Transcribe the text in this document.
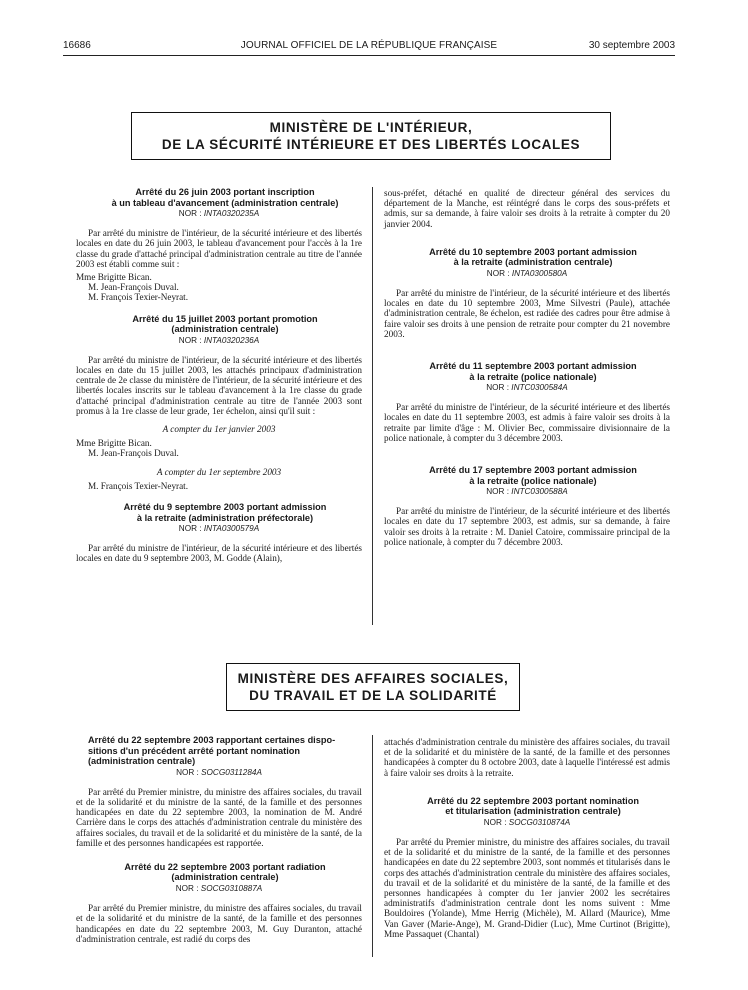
16686	JOURNAL OFFICIEL DE LA RÉPUBLIQUE FRANÇAISE	30 septembre 2003
MINISTÈRE DE L'INTÉRIEUR,
DE LA SÉCURITÉ INTÉRIEURE ET DES LIBERTÉS LOCALES

Arrêté du 26 juin 2003 portant inscription

à un tableau d'avancement (administration centrale)

NOR : INTA0320235A

Par arrêté du ministre de l'intérieur, de la sécurité intérieure et des libertés locales en date du 26 juin 2003, le tableau d'avancement pour l'accès à la 1re classe du grade d'attaché principal d'administration centrale au titre de l'année 2003 est établi comme suit :

Mme Brigitte Bican.

M. Jean-François Duval.

M. François Texier-Neyrat.

Arrêté du 15 juillet 2003 portant promotion

(administration centrale)

NOR : INTA0320236A

Par arrêté du ministre de l'intérieur, de la sécurité intérieure et des libertés locales en date du 15 juillet 2003, les attachés principaux d'administration centrale de 2e classe du ministère de l'intérieur, de la sécurité intérieure et des libertés locales inscrits sur le tableau d'avancement à la 1re classe du grade d'attaché principal d'administration centrale au titre de l'année 2003 sont promus à la 1re classe de leur grade, 1er échelon, ainsi qu'il suit :

A compter du 1er janvier 2003

Mme Brigitte Bican.

M. Jean-François Duval.

A compter du 1er septembre 2003

M. François Texier-Neyrat.

Arrêté du 9 septembre 2003 portant admission

à la retraite (administration préfectorale)

NOR : INTA0300579A

Par arrêté du ministre de l'intérieur, de la sécurité intérieure et des libertés locales en date du 9 septembre 2003, M. Godde (Alain),

sous-préfet, détaché en qualité de directeur général des services du département de la Manche, est réintégré dans le corps des sous-préfets et admis, sur sa demande, à faire valoir ses droits à la retraite à compter du 20 janvier 2004.

Arrêté du 10 septembre 2003 portant admission

à la retraite (administration centrale)

NOR : INTA0300580A

Par arrêté du ministre de l'intérieur, de la sécurité intérieure et des libertés locales en date du 10 septembre 2003, Mme Silvestri (Paule), attachée d'administration centrale, 8e échelon, est radiée des cadres pour être admise à faire valoir ses droits à une pension de retraite pour compter du 21 novembre 2003.

Arrêté du 11 septembre 2003 portant admission

à la retraite (police nationale)

NOR : INTC0300584A

Par arrêté du ministre de l'intérieur, de la sécurité intérieure et des libertés locales en date du 11 septembre 2003, est admis à faire valoir ses droits à la retraite par limite d'âge : M. Olivier Bec, commissaire divisionnaire de la police nationale, à compter du 3 décembre 2003.

Arrêté du 17 septembre 2003 portant admission

à la retraite (police nationale)

NOR : INTC0300588A

Par arrêté du ministre de l'intérieur, de la sécurité intérieure et des libertés locales en date du 17 septembre 2003, est admis, sur sa demande, à faire valoir ses droits à la retraite : M. Daniel Catoire, commissaire principal de la police nationale, à compter du 7 décembre 2003.

MINISTÈRE DES AFFAIRES SOCIALES,
DU TRAVAIL ET DE LA SOLIDARITÉ

Arrêté du 22 septembre 2003 rapportant certaines dispo-

sitions d'un précédent arrêté portant nomination

(administration centrale)

NOR : SOCG0311284A

Par arrêté du Premier ministre, du ministre des affaires sociales, du travail et de la solidarité et du ministre de la santé, de la famille et des personnes handicapées en date du 22 septembre 2003, la nomination de M. André Carrière dans le corps des attachés d'administration centrale du ministère des affaires sociales, du travail et de la solidarité et du ministère de la santé, de la famille et des personnes handicapées est rapportée.

Arrêté du 22 septembre 2003 portant radiation

(administration centrale)

NOR : SOCG0310887A

Par arrêté du Premier ministre, du ministre des affaires sociales, du travail et de la solidarité et du ministre de la santé, de la famille et des personnes handicapées en date du 22 septembre 2003, M. Guy Duranton, attaché d'administration centrale, est radié du corps des

attachés d'administration centrale du ministère des affaires sociales, du travail et de la solidarité et du ministère de la santé, de la famille et des personnes handicapées à compter du 8 octobre 2003, date à laquelle l'intéressé est admis à faire valoir ses droits à la retraite.

Arrêté du 22 septembre 2003 portant nomination

et titularisation (administration centrale)

NOR : SOCG0310874A

Par arrêté du Premier ministre, du ministre des affaires sociales, du travail et de la solidarité et du ministre de la santé, de la famille et des personnes handicapées en date du 22 septembre 2003, sont nommés et titularisés dans le corps des attachés d'administration centrale du ministère des affaires sociales, du travail et de la solidarité et du ministère de la santé, de la famille et des personnes handicapées à compter du 1er janvier 2002 les secrétaires administratifs d'administration centrale dont les noms suivent : Mme Bouldoires (Yolande), Mme Herrig (Michèle), M. Allard (Maurice), Mme Van Gaver (Marie-Ange), M. Grand-Didier (Luc), Mme Curtinot (Brigitte), Mme Passaquet (Chantal)
